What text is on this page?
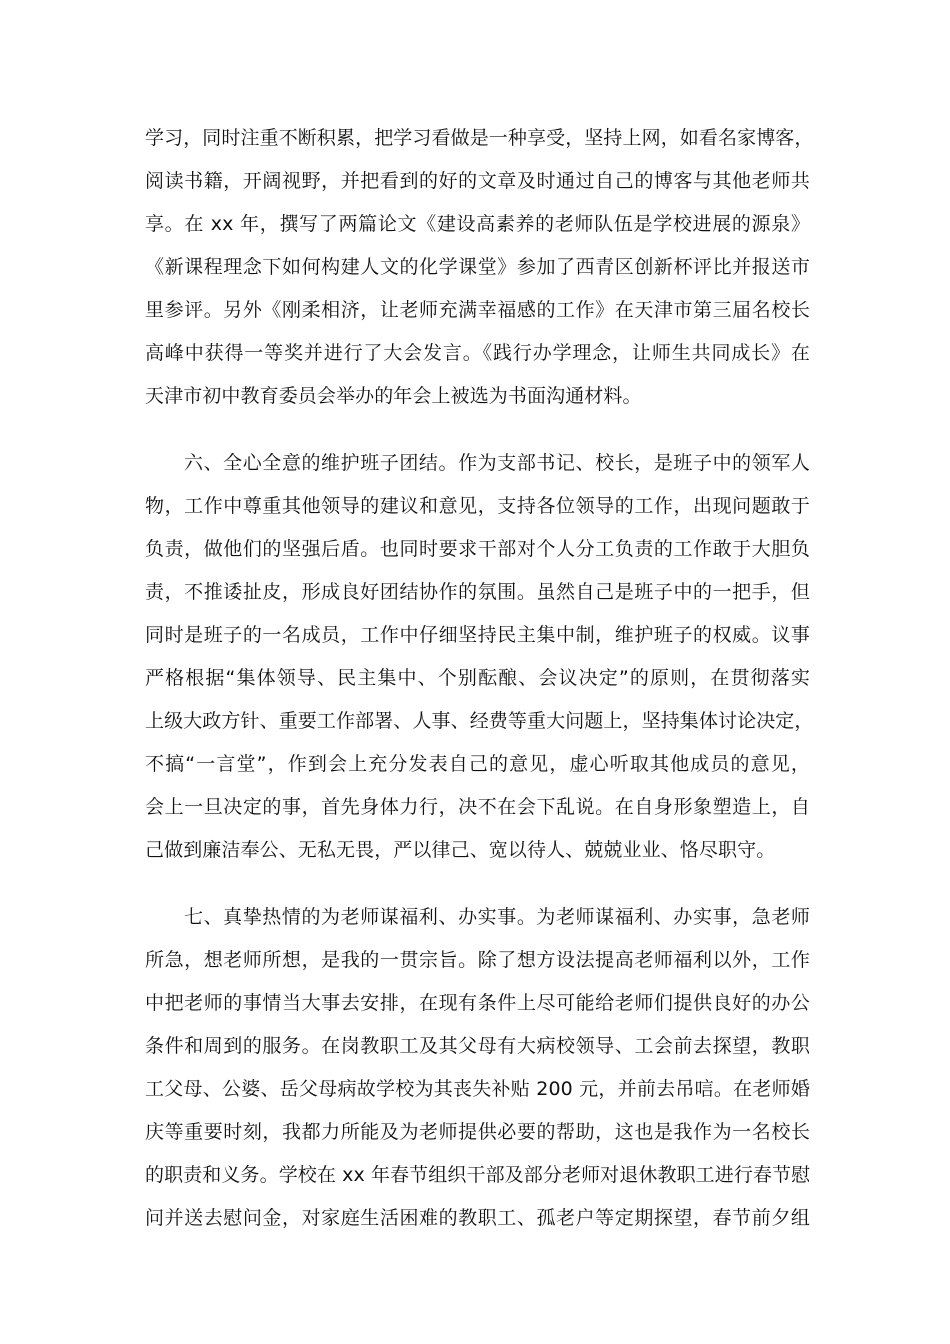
学习，同时注重不断积累，把学习看做是一种享受，坚持上网，如看名家博客，
阅读书籍，开阔视野，并把看到的好的文章及时通过自己的博客与其他老师共
享。在 xx 年，撰写了两篇论文《建设高素养的老师队伍是学校进展的源泉》
《新课程理念下如何构建人文的化学课堂》参加了西青区创新杯评比并报送市
里参评。另外《刚柔相济，让老师充满幸福感的工作》在天津市第三届名校长
高峰中获得一等奖并进行了大会发言。《践行办学理念，让师生共同成长》在
天津市初中教育委员会举办的年会上被选为书面沟通材料。
六、全心全意的维护班子团结。作为支部书记、校长，是班子中的领军人
物，工作中尊重其他领导的建议和意见，支持各位领导的工作，出现问题敢于
负责，做他们的坚强后盾。也同时要求干部对个人分工负责的工作敢于大胆负
责，不推诿扯皮，形成良好团结协作的氛围。虽然自己是班子中的一把手，但
同时是班子的一名成员，工作中仔细坚持民主集中制，维护班子的权威。议事
严格根据“集体领导、民主集中、个别酝酿、会议决定”的原则，在贯彻落实
上级大政方针、重要工作部署、人事、经费等重大问题上，坚持集体讨论决定，
不搞“一言堂”，作到会上充分发表自己的意见，虚心听取其他成员的意见，
会上一旦决定的事，首先身体力行，决不在会下乱说。在自身形象塑造上，自
己做到廉洁奉公、无私无畏，严以律己、宽以待人、兢兢业业、恪尽职守。
七、真挚热情的为老师谋福利、办实事。为老师谋福利、办实事，急老师
所急，想老师所想，是我的一贯宗旨。除了想方设法提高老师福利以外，工作
中把老师的事情当大事去安排，在现有条件上尽可能给老师们提供良好的办公
条件和周到的服务。在岗教职工及其父母有大病校领导、工会前去探望，教职
工父母、公婆、岳父母病故学校为其丧失补贴 200 元，并前去吊唁。在老师婚
庆等重要时刻，我都力所能及为老师提供必要的帮助，这也是我作为一名校长
的职责和义务。学校在 xx 年春节组织干部及部分老师对退休教职工进行春节慰
问并送去慰问金，对家庭生活困难的教职工、孤老户等定期探望，春节前夕组
